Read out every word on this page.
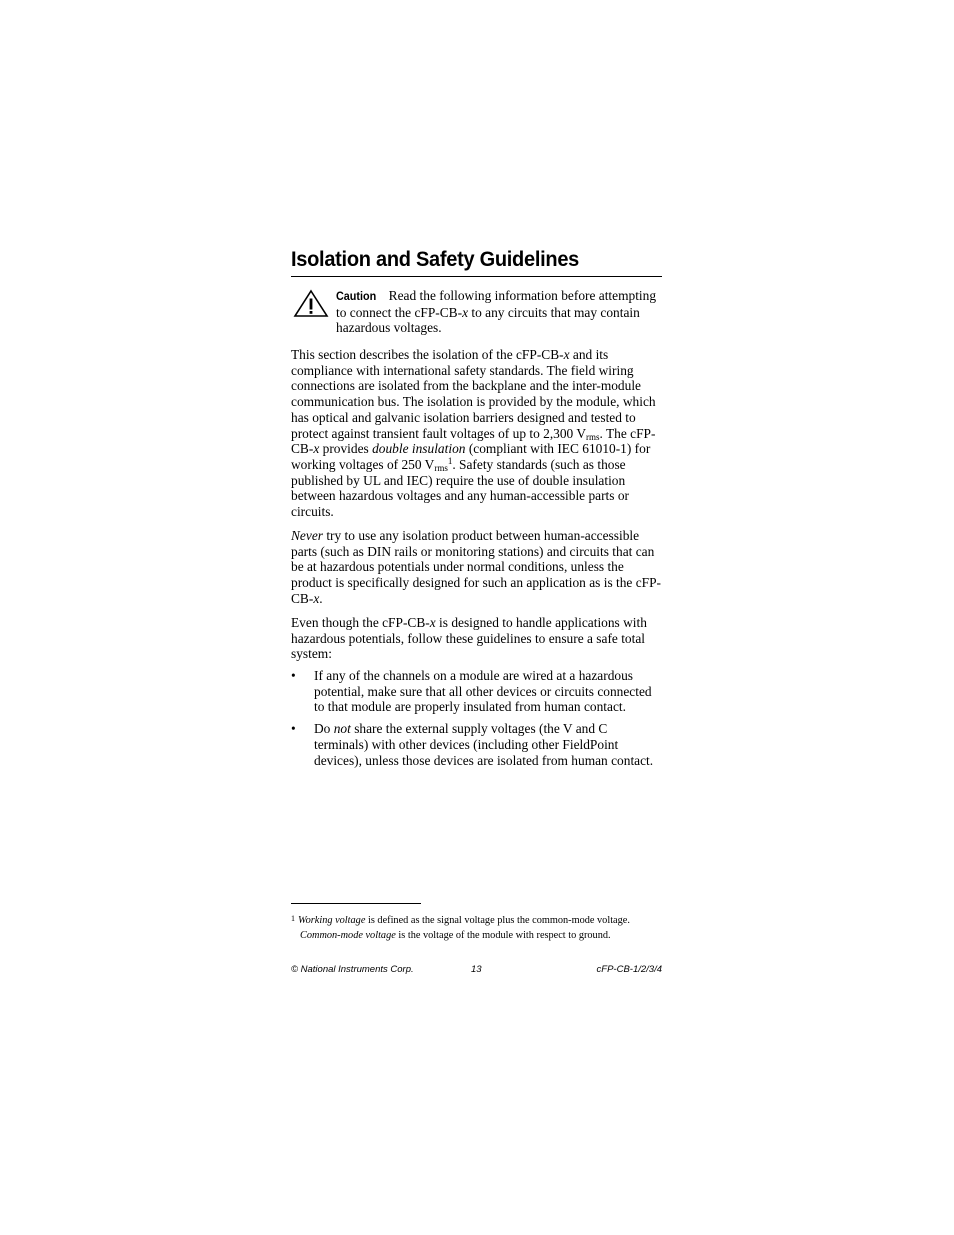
Isolation and Safety Guidelines
Caution Read the following information before attempting to connect the cFP-CB-x to any circuits that may contain hazardous voltages.

This section describes the isolation of the cFP-CB-x and its compliance with international safety standards. The field wiring connections are isolated from the backplane and the inter-module communication bus. The isolation is provided by the module, which has optical and galvanic isolation barriers designed and tested to protect against transient fault voltages of up to 2,300 $V_{rms}$. The cFP-CB-x provides double insulation (compliant with IEC 61010-1) for working voltages of 250 $V_{rms}^1$. Safety standards (such as those published by UL and IEC) require the use of double insulation between hazardous voltages and any human-accessible parts or circuits.

Never try to use any isolation product between human-accessible parts (such as DIN rails or monitoring stations) and circuits that can be at hazardous potentials under normal conditions, unless the product is specifically designed for such an application as is the cFP-CB-x.

Even though the cFP-CB-x is designed to handle applications with hazardous potentials, follow these guidelines to ensure a safe total system:

• If any of the channels on a module are wired at a hazardous potential, make sure that all other devices or circuits connected to that module are properly insulated from human contact.
• Do not share the external supply voltages (the V and C terminals) with other devices (including other FieldPoint devices), unless those devices are isolated from human contact.
1 Working voltage is defined as the signal voltage plus the common-mode voltage.
Common-mode voltage is the voltage of the module with respect to ground.
© National Instruments Corp.	13	cFP-CB-1/2/3/4
